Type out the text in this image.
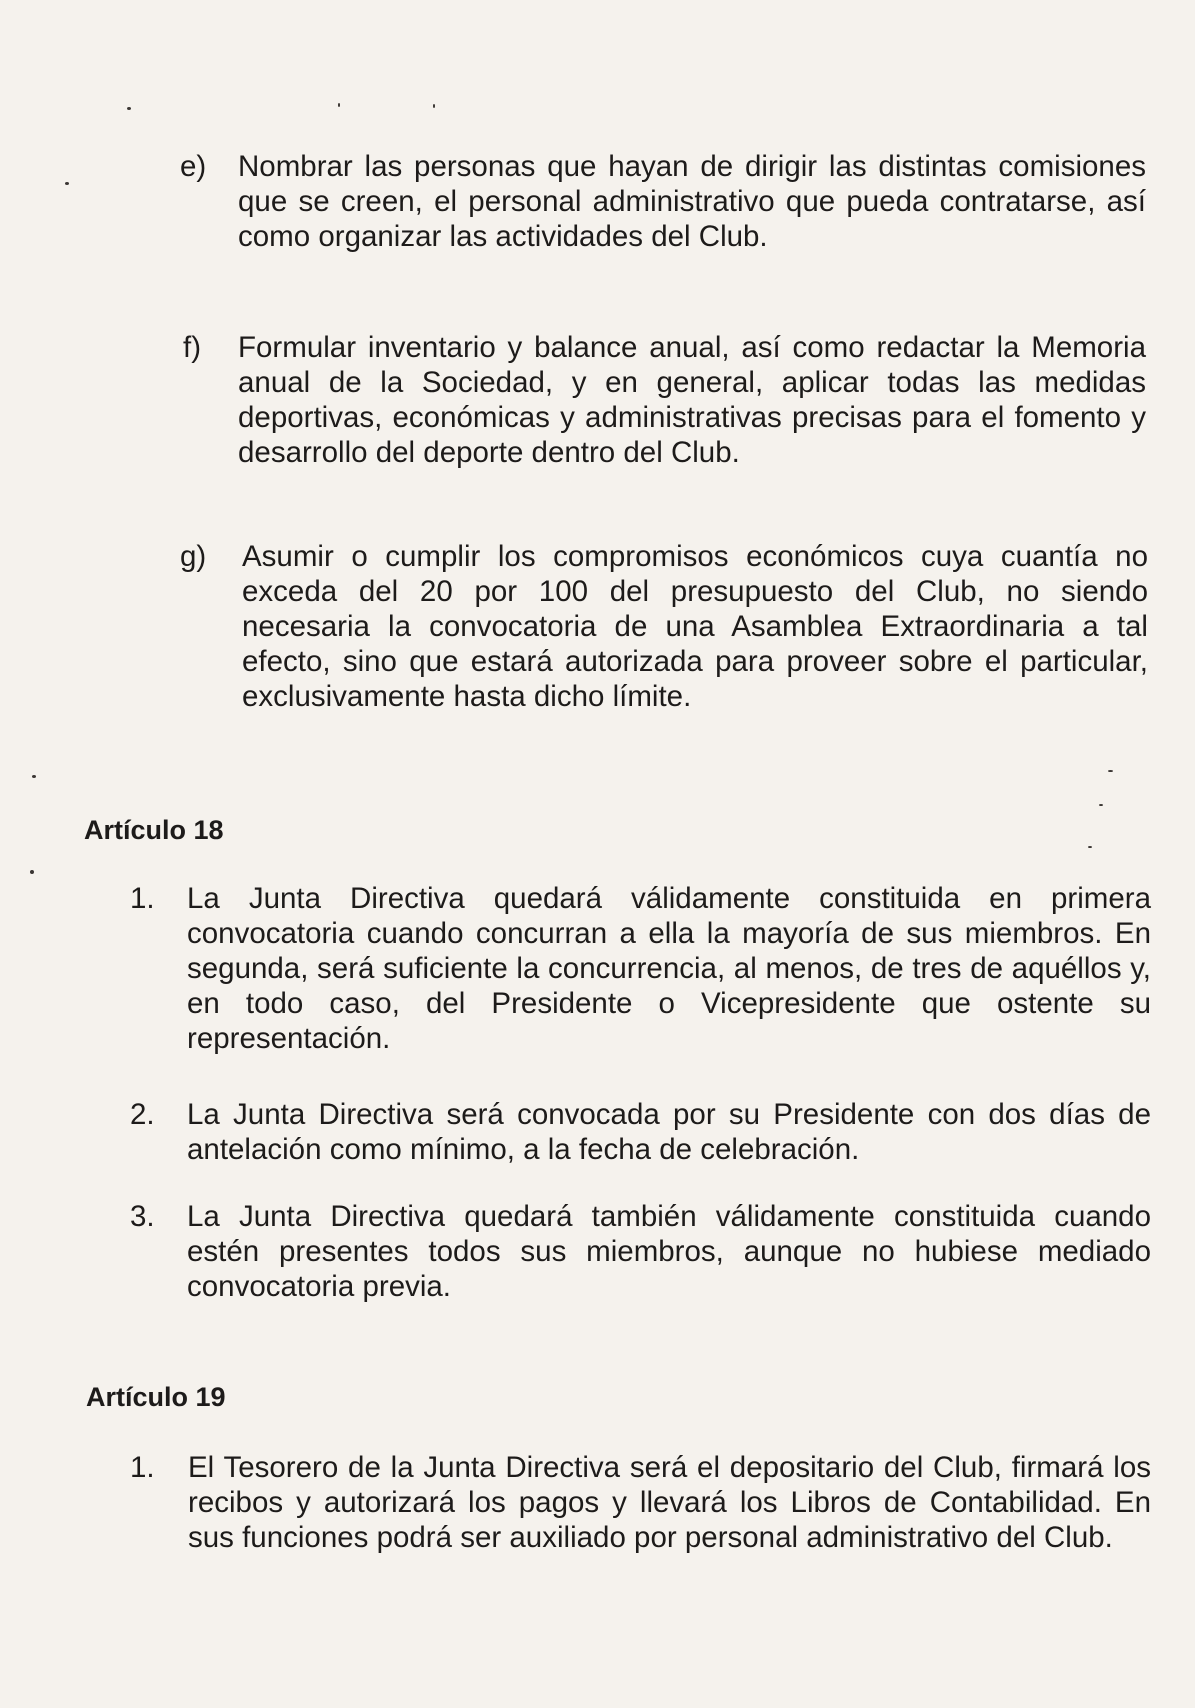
e) Nombrar las personas que hayan de dirigir las distintas comisiones que se creen, el personal administrativo que pueda contratarse, así como organizar las actividades del Club.
f) Formular inventario y balance anual, así como redactar la Memoria anual de la Sociedad, y en general, aplicar todas las medidas deportivas, económicas y administrativas precisas para el fomento y desarrollo del deporte dentro del Club.
g) Asumir o cumplir los compromisos económicos cuya cuantía no exceda del 20 por 100 del presupuesto del Club, no siendo necesaria la convocatoria de una Asamblea Extraordinaria a tal efecto, sino que estará autorizada para proveer sobre el particular, exclusivamente hasta dicho límite.
Artículo 18
1. La Junta Directiva quedará válidamente constituida en primera convocatoria cuando concurran a ella la mayoría de sus miembros. En segunda, será suficiente la concurrencia, al menos, de tres de aquéllos y, en todo caso, del Presidente o Vicepresidente que ostente su representación.
2. La Junta Directiva será convocada por su Presidente con dos días de antelación como mínimo, a la fecha de celebración.
3. La Junta Directiva quedará también válidamente constituida cuando estén presentes todos sus miembros, aunque no hubiese mediado convocatoria previa.
Artículo 19
1. El Tesorero de la Junta Directiva será el depositario del Club, firmará los recibos y autorizará los pagos y llevará los Libros de Contabilidad. En sus funciones podrá ser auxiliado por personal administrativo del Club.
